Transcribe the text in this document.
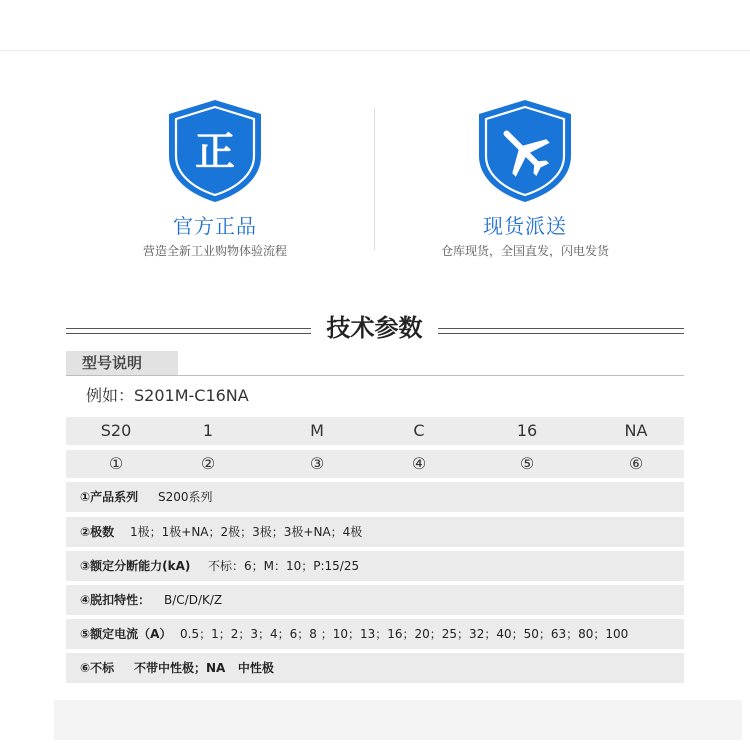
正
官方正品
营造全新工业购物体验流程
现货派送
仓库现货，全国直发，闪电发货
技术参数
型号说明
例如：S201M-C16NA
S20	1	M	C	16	NA
①	②	③	④	⑤	⑥
①产品系列 S200系列
②极数 1极；1极+NA；2极；3极；3极+NA；4极
③额定分断能力(kA) 不标：6；M：10；P:15/25
④脱扣特性： B/C/D/K/Z
⑤额定电流（A） 0.5；1；2；3；4；6；8 ；10；13；16；20；25；32；40；50；63；80；100
⑥不标 不带中性极；NA   中性极
